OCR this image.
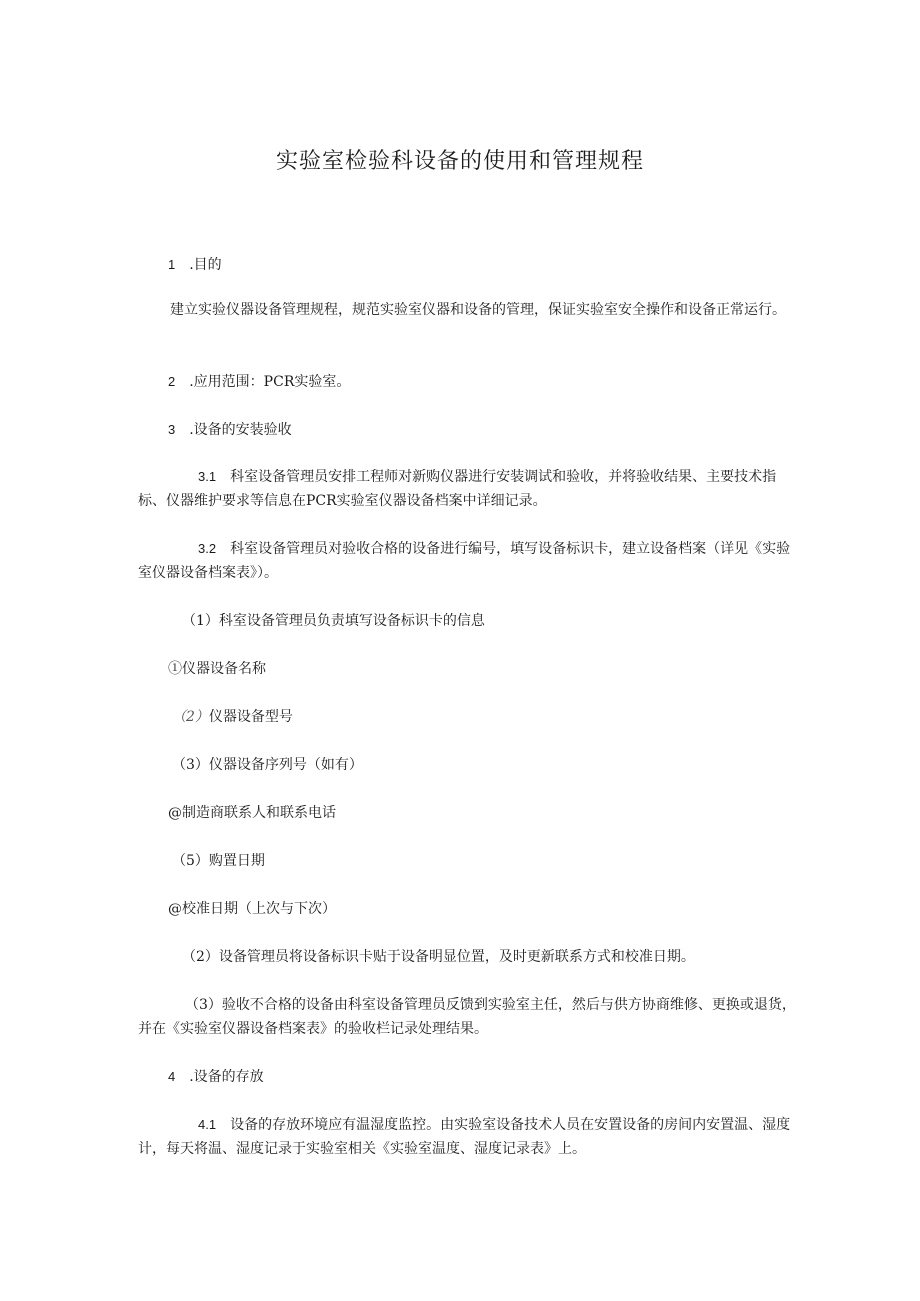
实验室检验科设备的使用和管理规程
1 .目的
建立实验仪器设备管理规程，规范实验室仪器和设备的管理，保证实验室安全操作和设备正常运行。
2 .应用范围：PCR实验室。
3 .设备的安装验收
3.1 科室设备管理员安排工程师对新购仪器进行安装调试和验收，并将验收结果、主要技术指标、仪器维护要求等信息在PCR实验室仪器设备档案中详细记录。
3.2 科室设备管理员对验收合格的设备进行编号，填写设备标识卡，建立设备档案（详见《实验室仪器设备档案表》）。
（1）科室设备管理员负责填写设备标识卡的信息
①仪器设备名称
（2）仪器设备型号
（3）仪器设备序列号（如有）
@制造商联系人和联系电话
（5）购置日期
@校准日期（上次与下次）
（2）设备管理员将设备标识卡贴于设备明显位置，及时更新联系方式和校准日期。
（3）验收不合格的设备由科室设备管理员反馈到实验室主任，然后与供方协商维修、更换或退货，并在《实验室仪器设备档案表》的验收栏记录处理结果。
4 .设备的存放
4.1 设备的存放环境应有温湿度监控。由实验室设备技术人员在安置设备的房间内安置温、湿度计，每天将温、湿度记录于实验室相关《实验室温度、湿度记录表》上。
